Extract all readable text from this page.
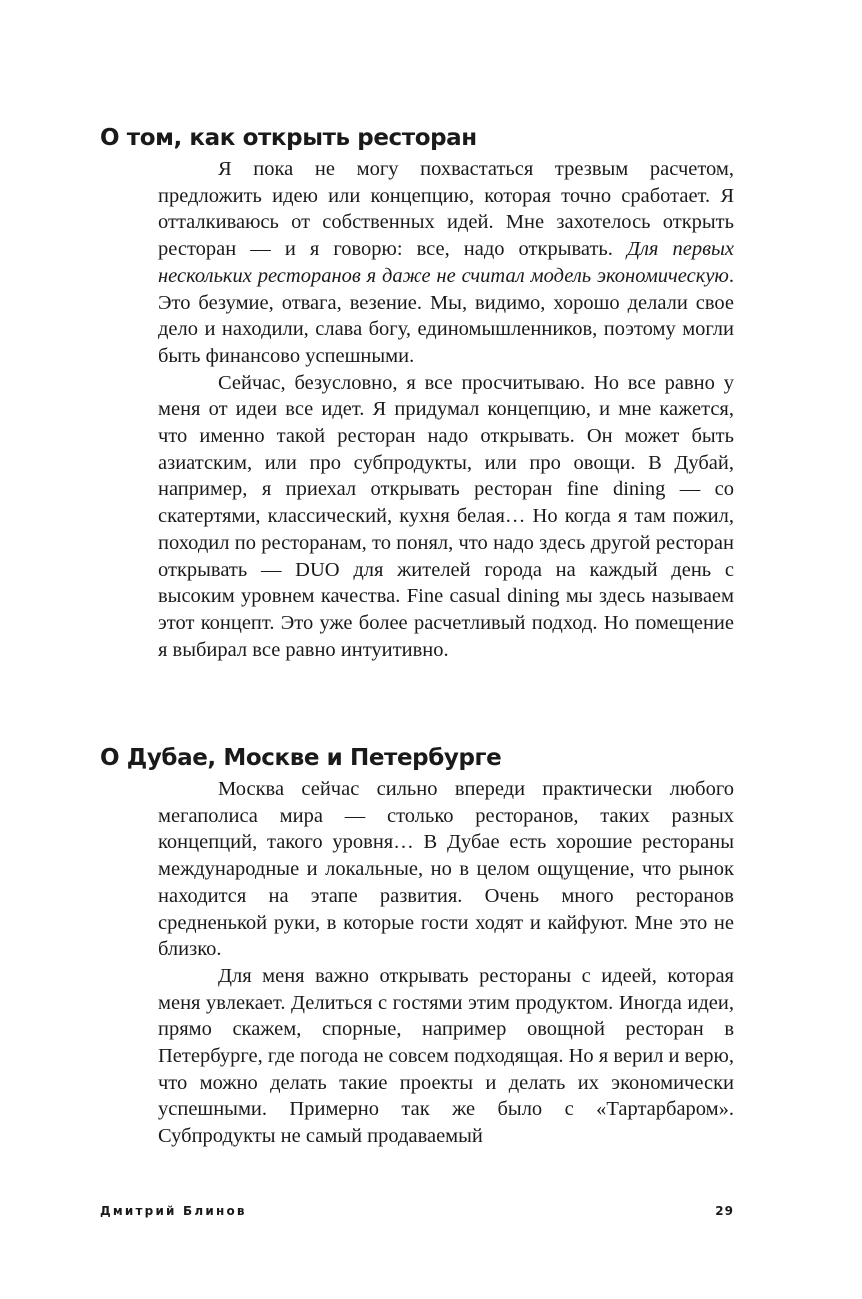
О том, как открыть ресторан

Я пока не могу похвастаться трезвым расчетом, предложить идею или концепцию, которая точно сработает. Я отталкиваюсь от собственных идей. Мне захотелось открыть ресторан — и я говорю: все, надо открывать. Для первых нескольких ресторанов я даже не считал модель экономическую. Это безумие, отвага, везение. Мы, видимо, хорошо делали свое дело и находили, слава богу, единомышленников, поэтому могли быть финансово успешными.

Сейчас, безусловно, я все просчитываю. Но все равно у меня от идеи все идет. Я придумал концепцию, и мне кажется, что именно такой ресторан надо открывать. Он может быть азиатским, или про субпродукты, или про овощи. В Дубай, например, я приехал открывать ресторан fine dining — со скатертями, классический, кухня белая… Но когда я там пожил, походил по ресторанам, то понял, что надо здесь другой ресторан открывать — DUO для жителей города на каждый день с высоким уровнем качества. Fine casual dining мы здесь называем этот концепт. Это уже более расчетливый подход. Но помещение я выбирал все равно интуитивно.

О Дубае, Москве и Петербурге

Москва сейчас сильно впереди практически любого мегаполиса мира — столько ресторанов, таких разных концепций, такого уровня… В Дубае есть хорошие рестораны международные и локальные, но в целом ощущение, что рынок находится на этапе развития. Очень много ресторанов средненькой руки, в которые гости ходят и кайфуют. Мне это не близко.

Для меня важно открывать рестораны с идеей, которая меня увлекает. Делиться с гостями этим продуктом. Иногда идеи, прямо скажем, спорные, например овощной ресторан в Петербурге, где погода не совсем подходящая. Но я верил и верю, что можно делать такие проекты и делать их экономически успешными. Примерно так же было с «Тартарбаром». Субпродукты не самый продаваемый

Дмитрий Блинов	29
